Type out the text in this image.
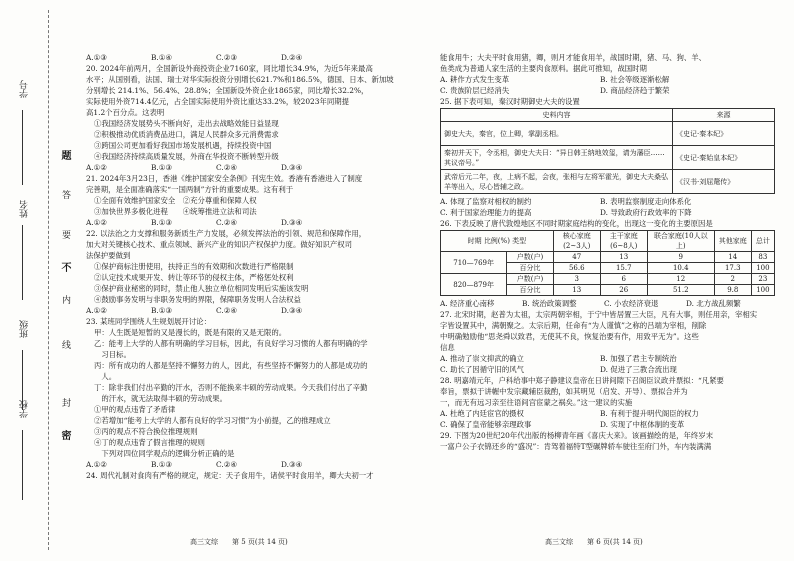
学校
班级
姓名
学号
密
封
线
内
不
要
答
题
A.①③	B.①④	C.②③	D.②④

20. 2024年前两月，全国新设外商投资企业7160家，同比增长34.9%，为近5年来最高

水平；从国别看，法国、瑞士对华实际投资分别增长621.7%和186.5%，德国、日本、新加坡

分别增长 214.1%、56.4%、28.8%；全国新设外资企业1865家，同比增长32.2%，

实际使用外资714.4亿元，占全国实际使用外资比重达33.2%，较2023年同期提

高1.2个百分点。这表明

①我国经济发展势头不断向好，走出去战略效能日益显现

②积极推动优质消费品进口，满足人民群众多元消费需求

③跨国公司更加看好我国市场发展机遇，持续投资中国

④我国经济持续高质量发展，外商在华投资不断转型升级

A.①②	B.①③	C.②④	D.③④

21. 2024年3月23日，香港《维护国家安全条例》刊宪生效。香港有香港进入了制度

完善期，是全面准确落实“一国两制”方针的重要成果。这有利于

①全面有效维护国家安全　②充分尊重和保障人权

③加快世界多极化进程　　④统筹推进立法和司法

A.①②	B.①③	C.②④	D.③④

22. 以法治之力支撑和服务新质生产力发展，必须发挥法治的引领、规范和保障作用，

加大对关键核心技术、重点领域、新兴产业的知识产权保护力度。做好知识产权司

法保护要做到

①保护商标注册使用，扶持正当的有效期和次数进行严格限制

②认定技术成果开发、转让等环节的侵权主体，严格惩处权利

③保护商业秘密的同时，禁止他人独立单位相同发明后实施该发明

④鼓励事务发明与非职务发明的界限，保障职务发明人合法权益

A.①②	B.①③	C.②④	D.③④

23. 某班同学围绕人生规划展开讨论：

甲：人生既是短暂的又是漫长的，既是有限的又是无限的。

乙：能考上大学的人都有明确的学习目标，因此，有良好学习习惯的人都有明确的学

　习目标。

丙：所有成功的人都是坚持不懈努力的人，因此，有些坚持不懈努力的人都是成功的

　人。

丁：除非我们付出辛勤的汗水，否则不能换来丰硕的劳动成果。今天我们付出了辛勤

　的汗水，就无法取得丰硕的劳动成果。

①甲的观点违背了矛盾律

②若增加“能考上大学的人都有良好的学习习惯”为小前提，乙的推理成立

③丙的观点不符合换位推理规则

④丁的观点违背了假言推理的规则

　下列对四位同学观点的逻辑分析正确的是

A.①②	B.①③	C.②④	D.③④

24. 周代礼制对食肉有严格的规定，规定：天子食用牛，诸侯平时食用羊，卿大夫初一才

高三文综　　第 5 页(共 14 页)

能食用牛；大夫平时食用猪，卿，则月才能食用羊，战国时期，猪、马、狗、羊、

鱼类成为普通人家生活的主要肉食原料。据此可推知，战国时期

A. 耕作方式发生变革	B. 社会等级逐渐松解
C. 贵族阶层已经消失	D. 商品经济趋于繁荣

25. 据下表可知，秦汉时期御史大夫的设置

史料内容	来源
御史大夫，秦官，位上卿，掌副丞相。	《史记·秦本纪》
秦初并天下，令丞相，御史大夫曰：“异日韩王纳地效玺，请为藩臣……其议帝号。”	《史记·秦始皇本纪》
武帝后元二年，夜，上病不起，会夜，张相与左将军霍光，御史大夫桑弘羊等出入，尽心皆辅之政。	《汉书·刘屈氂传》
A. 体现了监察对相权的制约	B. 表明监察制度走向体系化
C. 利于国家治理能力的提高	D. 导致政府行政效率的下降

26. 下表反映了唐代敦煌地区不同时期家庭结构的变化，出现这一变化的主要原因是

时期 比例(%) 类型		核心家庭(2~3人)	主干家庭(6~8人)	联合家庭(10人以上)	其他家庭	总计
710—769年	户数(户)	47	13	9	14	83
	百分比	56.6	15.7	10.4	17.3	100
820—879年	户数(户)	3	6	12	2	23
	百分比	13	26	51.2	9.8	100
A. 经济重心南移	B. 统治政策调整	C. 小农经济衰退	D. 北方战乱频繁

27. 北宋时期，赵普为太祖，太宗两朝宰相，于宁中皆居置三大臣，凡有大事，则任用亲，宰相实

字皆设置其中，满朝聚之。太宗后期，任命有“为人谨慎”之称的吕端为宰相，削除

中明确勉励他“思尧舜以致君，无使其不良，恢复治要有作，用致平无为”。这些

信息

A. 推动了崇文抑武的确立	B. 加强了君主专制统治
C. 助长了因循守旧的风气	D. 促进了三教合流出现

28. 明嘉靖元年，户科给事中郑子静建议皇帝在日讲间隙下召阁臣议政并票拟：“凡紧要

奉旨，票拟于讲幄中发宗藏辅臣裁酌，如其明见（启发、开导）、票拟合并为

一，而无有远习亲至往语间宫宦蒙之祸矣。”这一建议的实施

A. 杜绝了内廷宦官的摄权	B. 有利于提升明代阁臣的权力
C. 确保了皇帝能够亲理政事	D. 实现了中枢体制的变革

29. 下图为20世纪20年代出版的杨柳青年画《喜庆大来》。该画描绘的是，年终岁末

一富户公子衣锦还乡的“盛况”：肯驾着福特T型碾牌轿车驶往至府门外，车内装满满

高三文综　　第 6 页(共 14 页)
